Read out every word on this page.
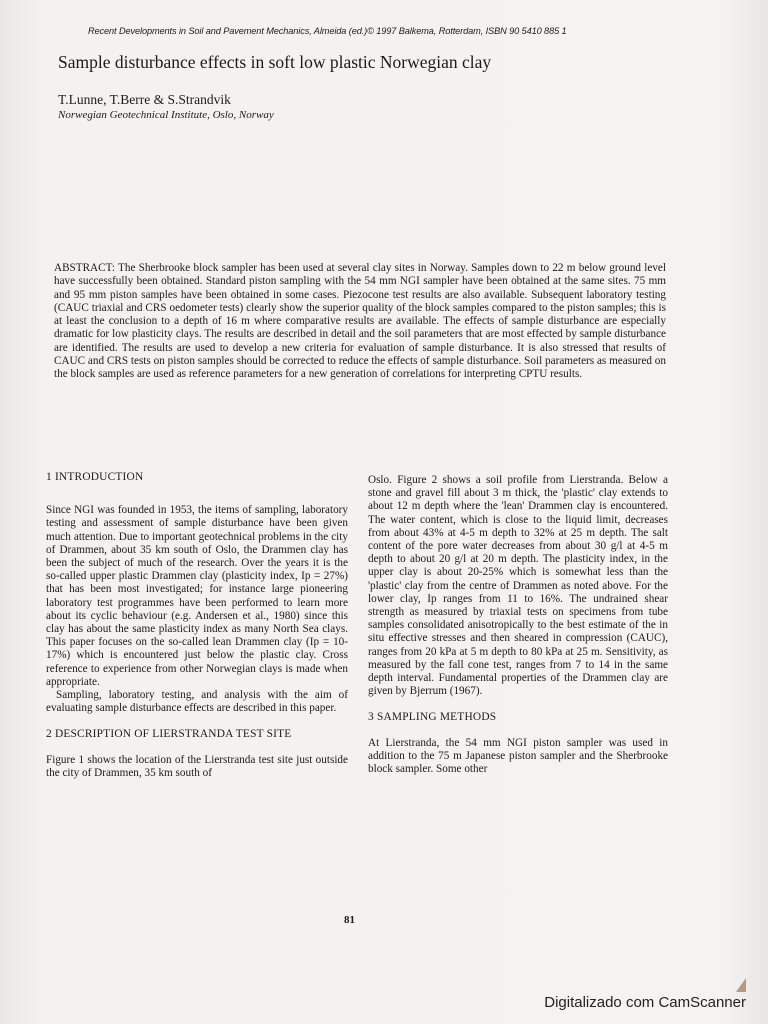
Recent Developments in Soil and Pavement Mechanics, Almeida (ed.)© 1997 Balkema, Rotterdam, ISBN 90 5410 885 1
Sample disturbance effects in soft low plastic Norwegian clay
T.Lunne, T.Berre & S.Strandvik
Norwegian Geotechnical Institute, Oslo, Norway

ABSTRACT: The Sherbrooke block sampler has been used at several clay sites in Norway. Samples down to 22 m below ground level have successfully been obtained. Standard piston sampling with the 54 mm NGI sampler have been obtained at the same sites. 75 mm and 95 mm piston samples have been obtained in some cases. Piezocone test results are also available. Subsequent laboratory testing (CAUC triaxial and CRS oedometer tests) clearly show the superior quality of the block samples compared to the piston samples; this is at least the conclusion to a depth of 16 m where comparative results are available. The effects of sample disturbance are especially dramatic for low plasticity clays. The results are described in detail and the soil parameters that are most effected by sample disturbance are identified. The results are used to develop a new criteria for evaluation of sample disturbance. It is also stressed that results of CAUC and CRS tests on piston samples should be corrected to reduce the effects of sample disturbance. Soil parameters as measured on the block samples are used as reference parameters for a new generation of correlations for interpreting CPTU results.

1 INTRODUCTION

Since NGI was founded in 1953, the items of sampling, laboratory testing and assessment of sample disturbance have been given much attention. Due to important geotechnical problems in the city of Drammen, about 35 km south of Oslo, the Drammen clay has been the subject of much of the research. Over the years it is the so-called upper plastic Drammen clay (plasticity index, Ip = 27%) that has been most investigated; for instance large pioneering laboratory test programmes have been performed to learn more about its cyclic behaviour (e.g. Andersen et al., 1980) since this clay has about the same plasticity index as many North Sea clays. This paper focuses on the so-called lean Drammen clay (Ip = 10-17%) which is encountered just below the plastic clay. Cross reference to experience from other Norwegian clays is made when appropriate.

Sampling, laboratory testing, and analysis with the aim of evaluating sample disturbance effects are described in this paper.

2 DESCRIPTION OF LIERSTRANDA TEST SITE

Figure 1 shows the location of the Lierstranda test site just outside the city of Drammen, 35 km south of

Oslo. Figure 2 shows a soil profile from Lierstranda. Below a stone and gravel fill about 3 m thick, the 'plastic' clay extends to about 12 m depth where the 'lean' Drammen clay is encountered. The water content, which is close to the liquid limit, decreases from about 43% at 4-5 m depth to 32% at 25 m depth. The salt content of the pore water decreases from about 30 g/l at 4-5 m depth to about 20 g/l at 20 m depth. The plasticity index, in the upper clay is about 20-25% which is somewhat less than the 'plastic' clay from the centre of Drammen as noted above. For the lower clay, Ip ranges from 11 to 16%. The undrained shear strength as measured by triaxial tests on specimens from tube samples consolidated anisotropically to the best estimate of the in situ effective stresses and then sheared in compression (CAUC), ranges from 20 kPa at 5 m depth to 80 kPa at 25 m. Sensitivity, as measured by the fall cone test, ranges from 7 to 14 in the same depth interval. Fundamental properties of the Drammen clay are given by Bjerrum (1967).

3 SAMPLING METHODS

At Lierstranda, the 54 mm NGI piston sampler was used in addition to the 75 m Japanese piston sampler and the Sherbrooke block sampler. Some other

81
Digitalizado com CamScanner
